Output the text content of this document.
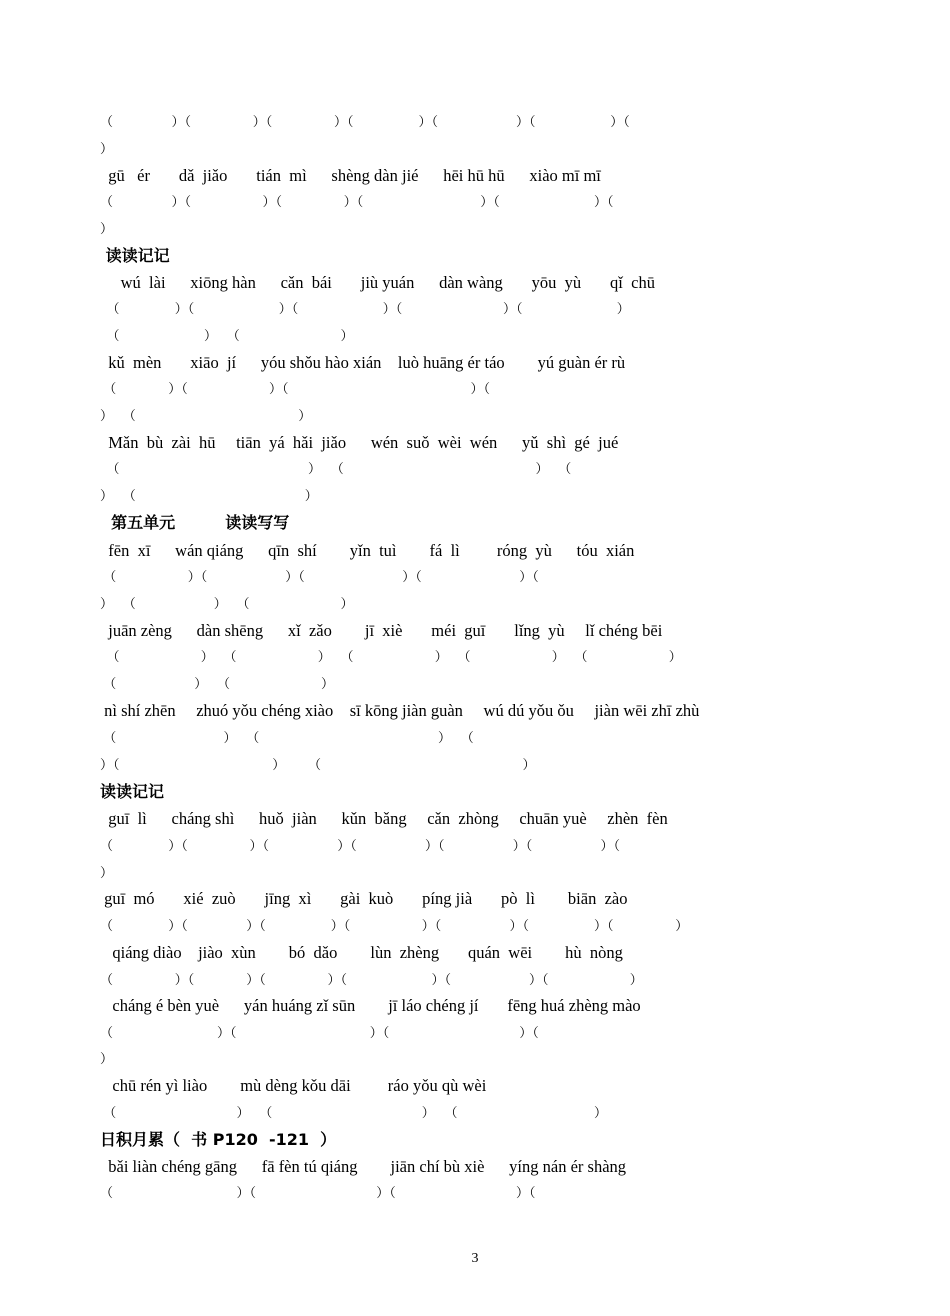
（                  ）（                   ）（                   ）（                    ）（                        ）（                       ）（
）
gū   ér       dǎ  jiǎo       tián  mì      shèng dàn jié      hēi hū hū      xiào mī mī
（                  ）（                      ）（                   ）（                                    ）（                             ）（
）
读读记记
wú  lài      xiōng hàn      cǎn  bái       jiù yuán      dàn wàng       yōu  yù       qǐ  chū
（                 ）（                          ）（                          ）（                               ）（                             ）
（                          ）   （                               ）
kǔ  mèn       xiāo  jí      yóu shǒu hào xián    luò huāng ér táo        yú guàn ér rù
（                ）（                         ）（                                                        ）（
）   （                                                  ）
Mǎn  bù  zài  hū     tiān  yá  hǎi  jiǎo      wén  suǒ  wèi  wén      yǔ  shì  gé  jué
（                                                          ）   （                                                           ）   （
）   （                                                    ）
第五单元         读读写写
fēn  xī      wán qiáng      qīn  shí        yǐn  tuì        fá  lì         róng  yù      tóu  xián
（                      ）（                        ）（                              ）（                              ）（
）   （                        ）   （                            ）
juān zèng      dàn shēng      xǐ  zǎo        jī  xiè       méi  guī       lǐng  yù     lǐ chéng bēi
（                         ）   （                         ）   （                         ）   （                         ）   （                         ）
（                        ）   （                            ）
nì shí zhēn     zhuó yǒu chéng xiào    sī kōng jiàn guàn     wú dú yǒu ǒu     jiàn wēi zhī zhù
（                                 ）   （                                                       ）   （
）（                                               ）       （                                                              ）
读读记记
guī  lì      cháng shì      huǒ  jiàn      kǔn  bǎng     cǎn  zhòng     chuān yuè     zhèn  fèn
（                 ）（                   ）（                     ）（                     ）（                     ）（                     ）（
）
guī  mó       xié  zuò       jīng  xì       gài  kuò       píng jià       pò  lì        biān  zào
（                 ）（                  ）（                    ）（                      ）（                     ）（                    ）（                   ）
qiáng diào    jiào  xùn        bó  dǎo        lùn  zhèng       quán  wēi        hù  nòng
（                   ）（                ）（                   ）（                          ）（                        ）（                         ）
cháng é bèn yuè      yán huáng zǐ sūn        jī láo chéng jí       fēng huá zhèng mào
（                                ）（                                         ）（                                        ）（
）
chū rén yì liào        mù dèng kǒu dāi         ráo yǒu qù wèi
（                                     ）   （                                              ）   （                                          ）
日积月累（  书 P120  -121  ）
bǎi liàn chéng gāng      fā fèn tú qiáng        jiān chí bù xiè      yíng nán ér shàng
（                                      ）（                                     ）（                                     ）（
3
